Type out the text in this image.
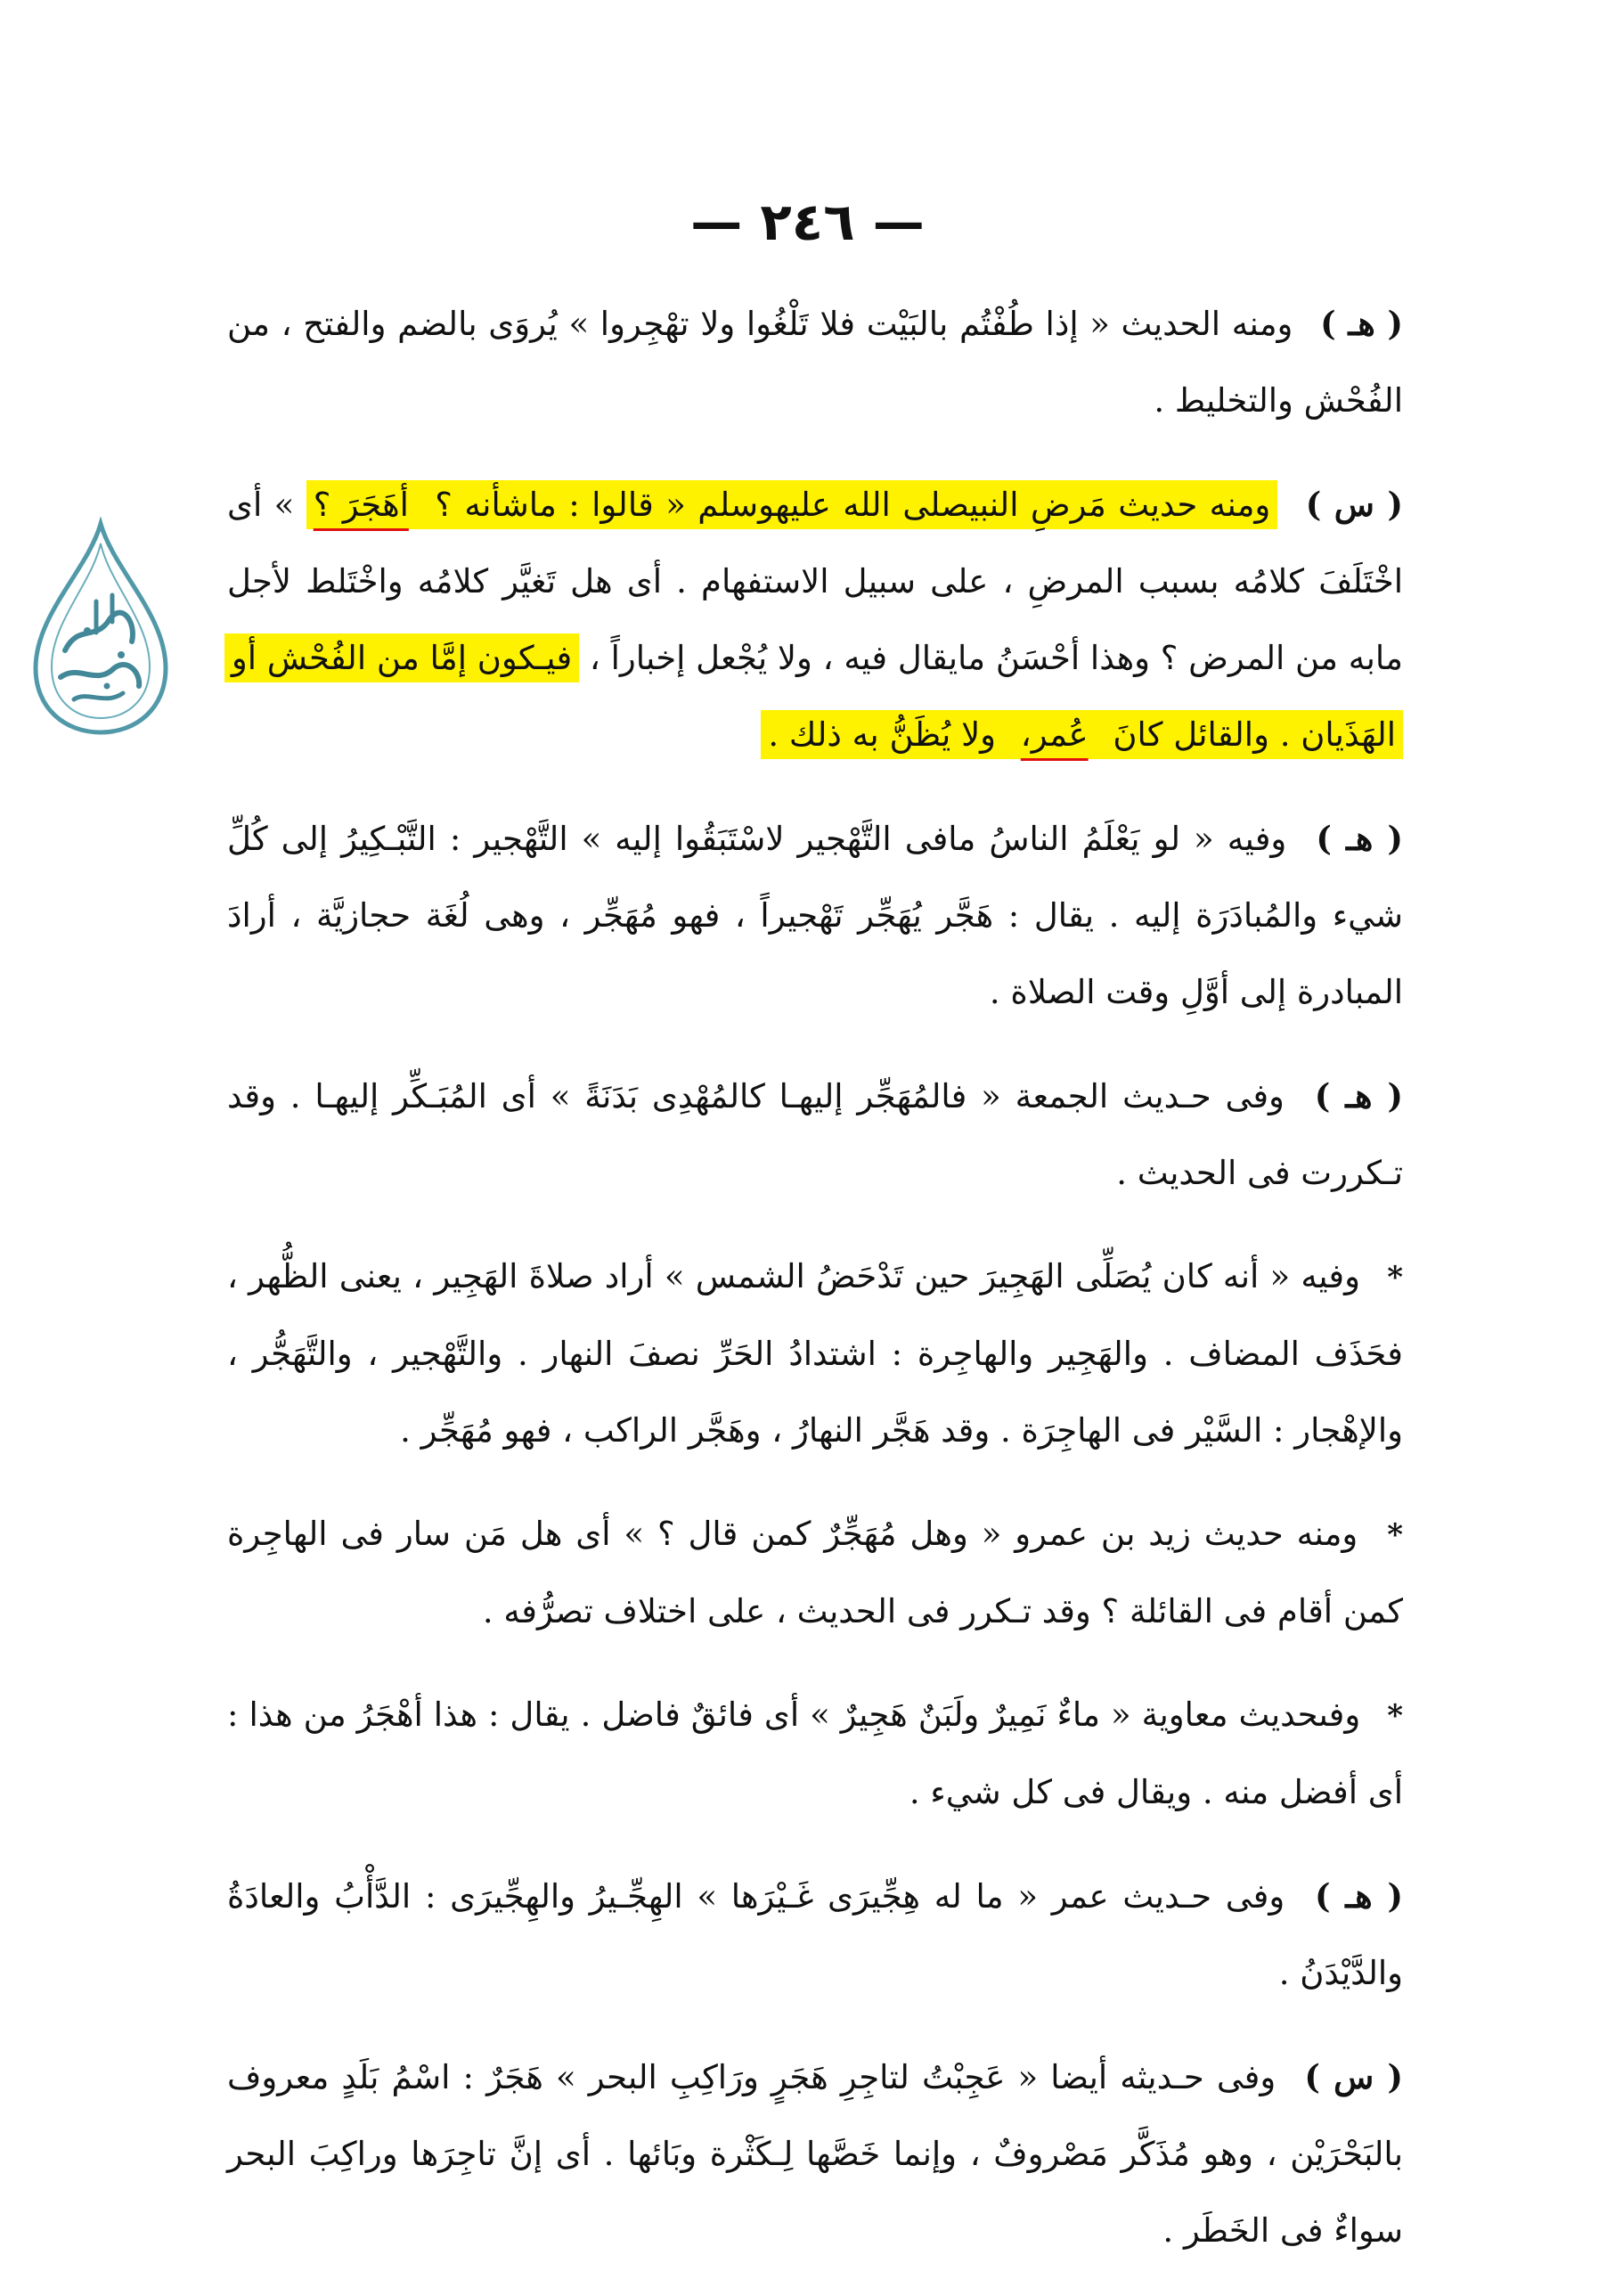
— ٢٤٦ —

( هـ ) ومنه الحديث « إذا طُفْتُم بالبَيْت فلا تَلْغُوا ولا تهْجِروا » يُروَى بالضم والفتح ، من الفُحْش والتخليط .

( س ) ومنه حديث مَرضِ النبيصلى الله عليهوسلم « قالوا : ماشأنه ؟ أهَجَرَ ؟ » أى اخْتَلَفَ كلامُه بسبب المرضِ ، على سبيل الاستفهام . أى هل تَغيَّر كلامُه واخْتَلط لأجل مابه من المرض ؟ وهذا أحْسَنُ مايقال فيه ، ولا يُجْعل إخباراً ، فيـكون إمَّا من الفُحْش أو الهَذَيان . والقائل كانَ عُمر، ولا يُظَنُّ به ذلك .

( هـ ) وفيه « لو يَعْلَمُ الناسُ مافى التَّهْجير لاسْتَبَقُوا إليه » التَّهْجير : التَّبْـكِيرُ إلى كُلِّ شيء والمُبادَرَة إليه . يقال : هَجَّر يُهَجِّر تَهْجيراً ، فهو مُهَجِّر ، وهى لُغَة حجازيَّة ، أرادَ المبادرة إلى أوَّلِ وقت الصلاة .

( هـ ) وفى حـديث الجمعة « فالمُهَجِّر إليهـا كالمُهْدِى بَدَنَةً » أى المُبَـكِّر إليهـا . وقد تـكررت فى الحديث .

* وفيه « أنه كان يُصَلِّى الهَجِيرَ حين تَدْحَضُ الشمس » أراد صلاةَ الهَجِير ، يعنى الظُّهر ، فحَذَف المضاف . والهَجِير والهاجِرة : اشتدادُ الحَرِّ نصفَ النهار . والتَّهْجير ، والتَّهَجُّر ، والإهْجار : السَّيْر فى الهاجِرَة . وقد هَجَّر النهارُ ، وهَجَّر الراكب ، فهو مُهَجِّر .

* ومنه حديث زيد بن عمرو « وهل مُهَجِّرٌ كمن قال ؟ » أى هل مَن سار فى الهاجِرة كمن أقام فى القائلة ؟ وقد تـكرر فى الحديث ، على اختلاف تصرُّفه .

* وفىحديث معاوية « ماءٌ نَمِيرٌ ولَبَنٌ هَجِيرٌ » أى فائقٌ فاضل . يقال : هذا أهْجَرُ من هذا : أى أفضل منه . ويقال فى كل شيء .

( هـ ) وفى حـديث عمر « ما له هِجِّيرَى غَـيْرَها » الهِجِّـيرُ والهِجِّيرَى : الدَّأْبُ والعادَةُ والدَّيْدَنُ .

( س ) وفى حـديثه أيضا « عَجِبْتُ لتاجِرِ هَجَرٍ ورَاكِبِ البحر » هَجَرٌ : اسْمُ بَلَدٍ معروف بالبَحْرَيْن ، وهو مُذَكَّر مَصْروفٌ ، وإنما خَصَّها لِـكَثْرة وبَائها . أى إنَّ تاجِرَها وراكِبَ البحر سواءٌ فى الخَطَر .
